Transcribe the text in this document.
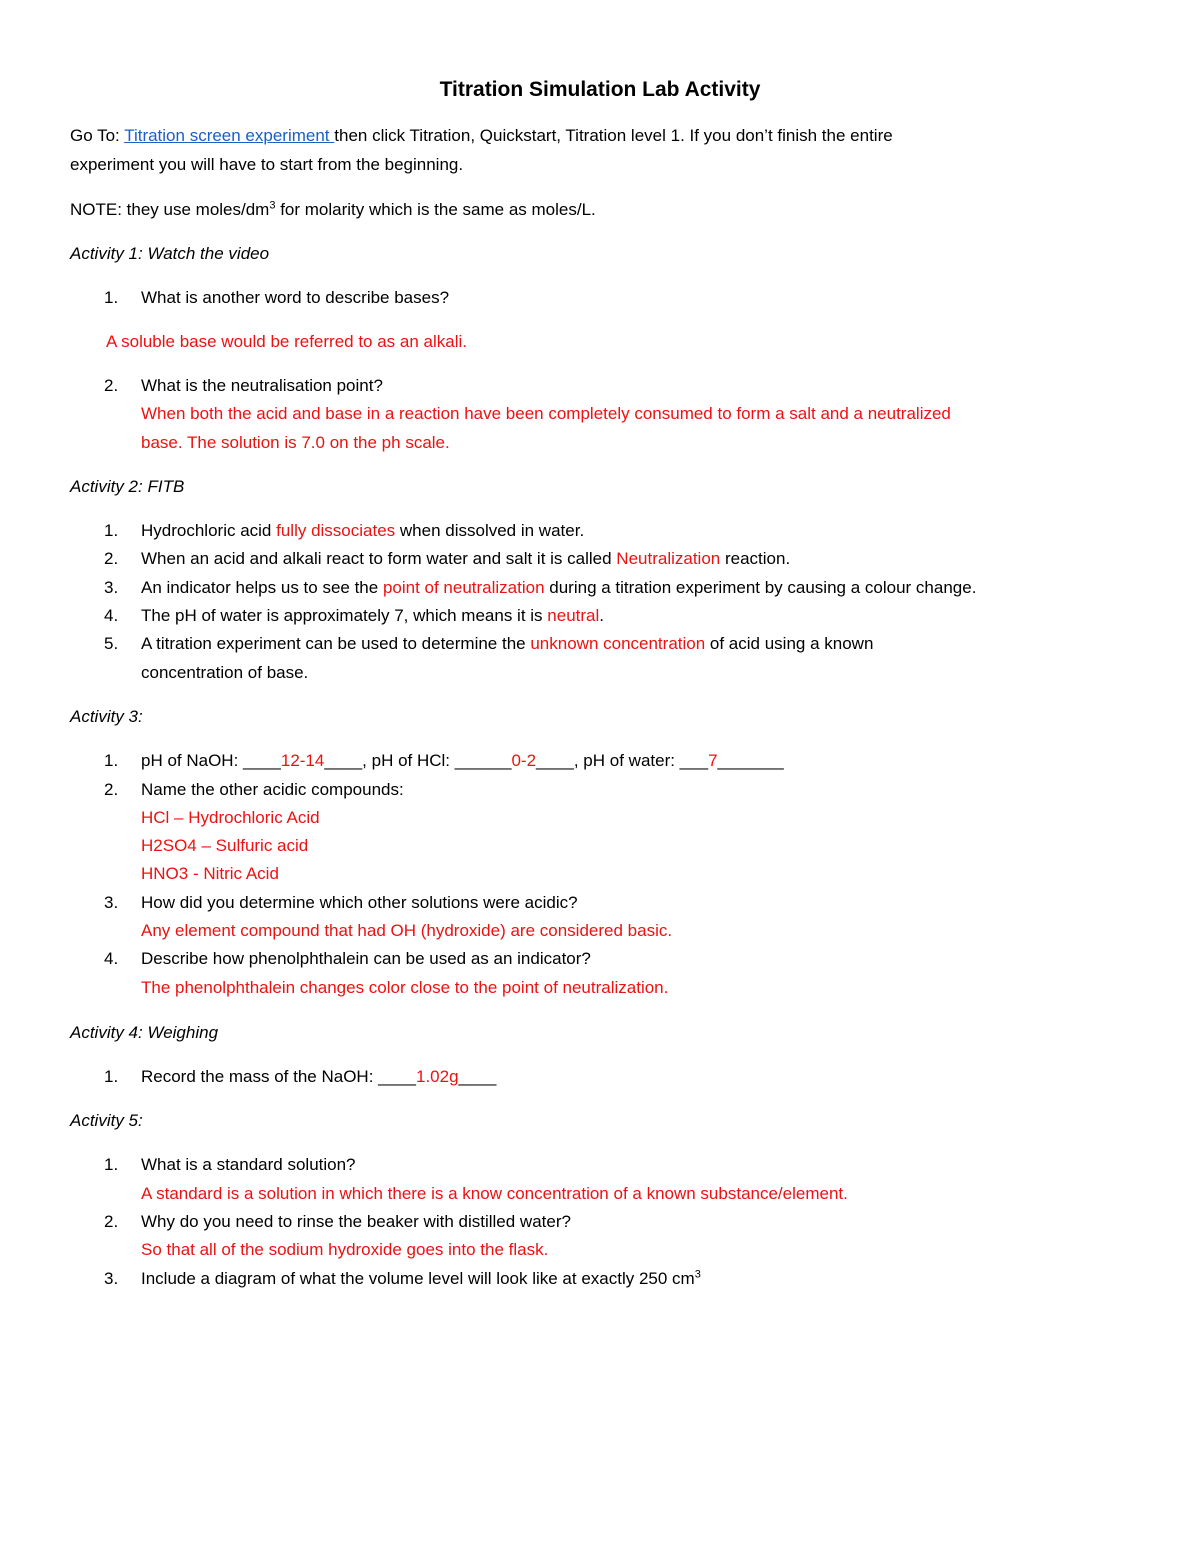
Titration Simulation Lab Activity
Go To: Titration screen experiment then click Titration, Quickstart, Titration level 1. If you don’t finish the entire
experiment you will have to start from the beginning.
NOTE: they use moles/$dm^3$ for molarity which is the same as moles/L.
Activity 1: Watch the video
1. What is another word to describe bases?
A soluble base would be referred to as an alkali.
2. What is the neutralisation point?
When both the acid and base in a reaction have been completely consumed to form a salt and a neutralized
base. The solution is 7.0 on the ph scale.
Activity 2: FITB
1. Hydrochloric acid fully dissociates when dissolved in water.
2. When an acid and alkali react to form water and salt it is called Neutralization reaction.
3. An indicator helps us to see the point of neutralization during a titration experiment by causing a colour change.
4. The pH of water is approximately 7, which means it is neutral.
5. A titration experiment can be used to determine the unknown concentration of acid using a known
concentration of base.
Activity 3:
1. pH of NaOH: ____12-14____, pH of HCl: ______0-2____, pH of water: ___7_______
2. Name the other acidic compounds:
HCl – Hydrochloric Acid
H2SO4 – Sulfuric acid
HNO3 - Nitric Acid
3. How did you determine which other solutions were acidic?
Any element compound that had OH (hydroxide) are considered basic.
4. Describe how phenolphthalein can be used as an indicator?
The phenolphthalein changes color close to the point of neutralization.
Activity 4: Weighing
1. Record the mass of the NaOH: ____1.02g____
Activity 5:
1. What is a standard solution?
A standard is a solution in which there is a know concentration of a known substance/element.
2. Why do you need to rinse the beaker with distilled water?
So that all of the sodium hydroxide goes into the flask.
3. Include a diagram of what the volume level will look like at exactly 250 $cm^3$
